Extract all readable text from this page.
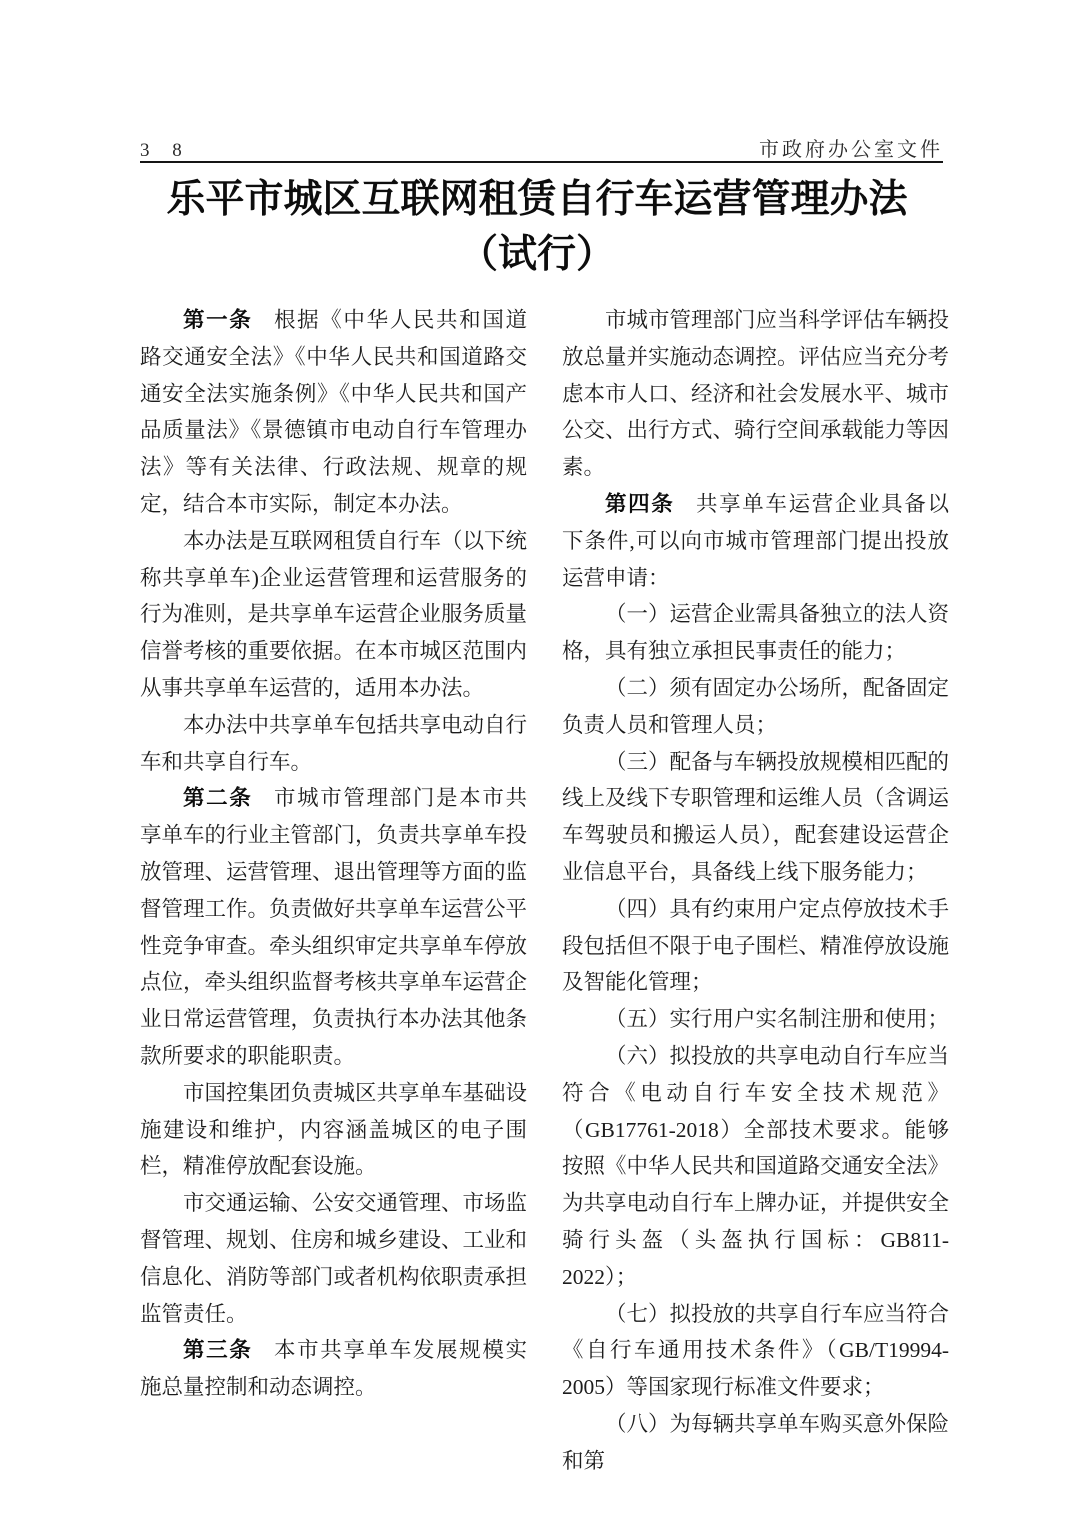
3 8	市政府办公室文件
乐平市城区互联网租赁自行车运营管理办法
（试行）

第一条 根据《中华人民共和国道路交通安全法》《中华人民共和国道路交通安全法实施条例》《中华人民共和国产品质量法》《景德镇市电动自行车管理办法》等有关法律、行政法规、规章的规定，结合本市实际，制定本办法。

本办法是互联网租赁自行车（以下统称共享单车)企业运营管理和运营服务的行为准则，是共享单车运营企业服务质量信誉考核的重要依据。在本市城区范围内从事共享单车运营的，适用本办法。

本办法中共享单车包括共享电动自行车和共享自行车。

第二条 市城市管理部门是本市共享单车的行业主管部门，负责共享单车投放管理、运营管理、退出管理等方面的监督管理工作。负责做好共享单车运营公平性竞争审查。牵头组织审定共享单车停放点位，牵头组织监督考核共享单车运营企业日常运营管理，负责执行本办法其他条款所要求的职能职责。

市国控集团负责城区共享单车基础设施建设和维护，内容涵盖城区的电子围栏，精准停放配套设施。

市交通运输、公安交通管理、市场监督管理、规划、住房和城乡建设、工业和信息化、消防等部门或者机构依职责承担监管责任。

第三条 本市共享单车发展规模实施总量控制和动态调控。

市城市管理部门应当科学评估车辆投放总量并实施动态调控。评估应当充分考虑本市人口、经济和社会发展水平、城市公交、出行方式、骑行空间承载能力等因素。

第四条 共享单车运营企业具备以下条件,可以向市城市管理部门提出投放运营申请：

（一）运营企业需具备独立的法人资格，具有独立承担民事责任的能力；

（二）须有固定办公场所，配备固定负责人员和管理人员；

（三）配备与车辆投放规模相匹配的线上及线下专职管理和运维人员（含调运车驾驶员和搬运人员），配套建设运营企业信息平台，具备线上线下服务能力；

（四）具有约束用户定点停放技术手段包括但不限于电子围栏、精准停放设施及智能化管理；

（五）实行用户实名制注册和使用；

（六）拟投放的共享电动自行车应当符合《电动自行车安全技术规范》（GB17761-2018）全部技术要求。能够按照《中华人民共和国道路交通安全法》为共享电动自行车上牌办证，并提供安全骑行头盔（头盔执行国标：GB811-2022）；

（七）拟投放的共享自行车应当符合《自行车通用技术条件》（GB/T19994-2005）等国家现行标准文件要求；

（八）为每辆共享单车购买意外保险和第
